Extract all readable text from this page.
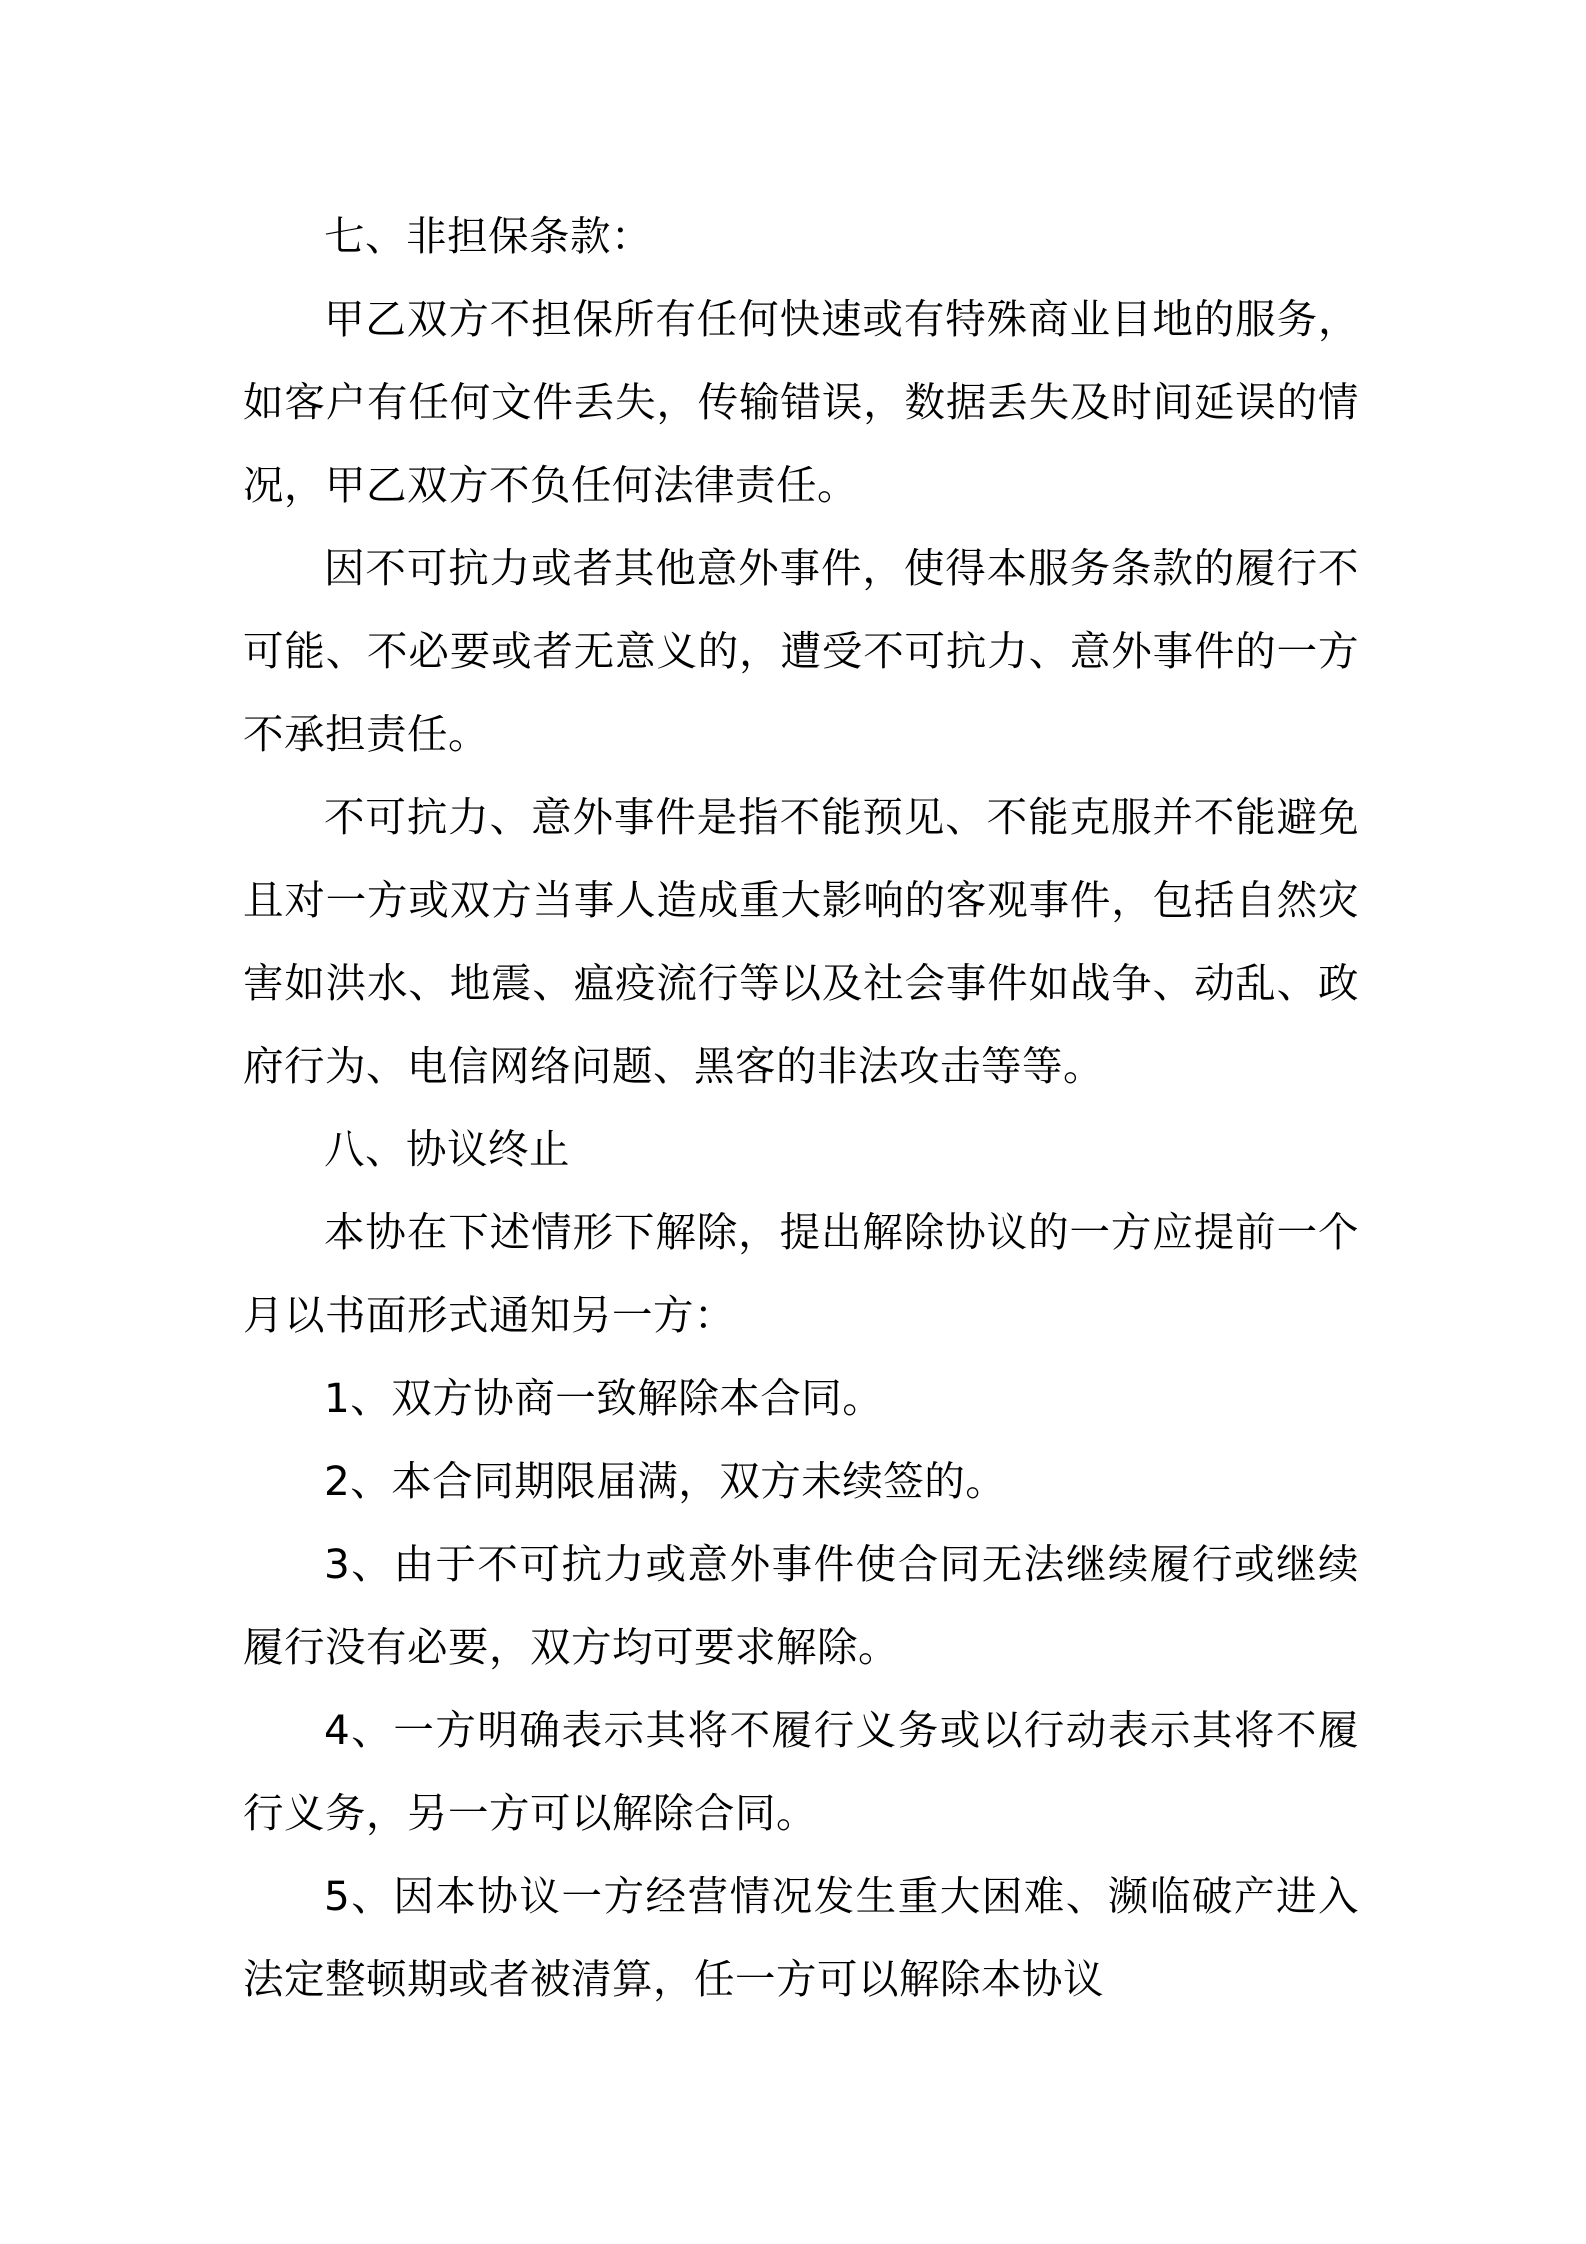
七、非担保条款：

甲乙双方不担保所有任何快速或有特殊商业目地的服务，如客户有任何文件丢失，传输错误，数据丢失及时间延误的情况，甲乙双方不负任何法律责任。

因不可抗力或者其他意外事件，使得本服务条款的履行不可能、不必要或者无意义的，遭受不可抗力、意外事件的一方不承担责任。

不可抗力、意外事件是指不能预见、不能克服并不能避免且对一方或双方当事人造成重大影响的客观事件，包括自然灾害如洪水、地震、瘟疫流行等以及社会事件如战争、动乱、政府行为、电信网络问题、黑客的非法攻击等等。

八、协议终止

本协在下述情形下解除，提出解除协议的一方应提前一个月以书面形式通知另一方：

1、双方协商一致解除本合同。

2、本合同期限届满，双方未续签的。

3、由于不可抗力或意外事件使合同无法继续履行或继续履行没有必要，双方均可要求解除。

4、一方明确表示其将不履行义务或以行动表示其将不履行义务，另一方可以解除合同。

5、因本协议一方经营情况发生重大困难、濒临破产进入法定整顿期或者被清算，任一方可以解除本协议
